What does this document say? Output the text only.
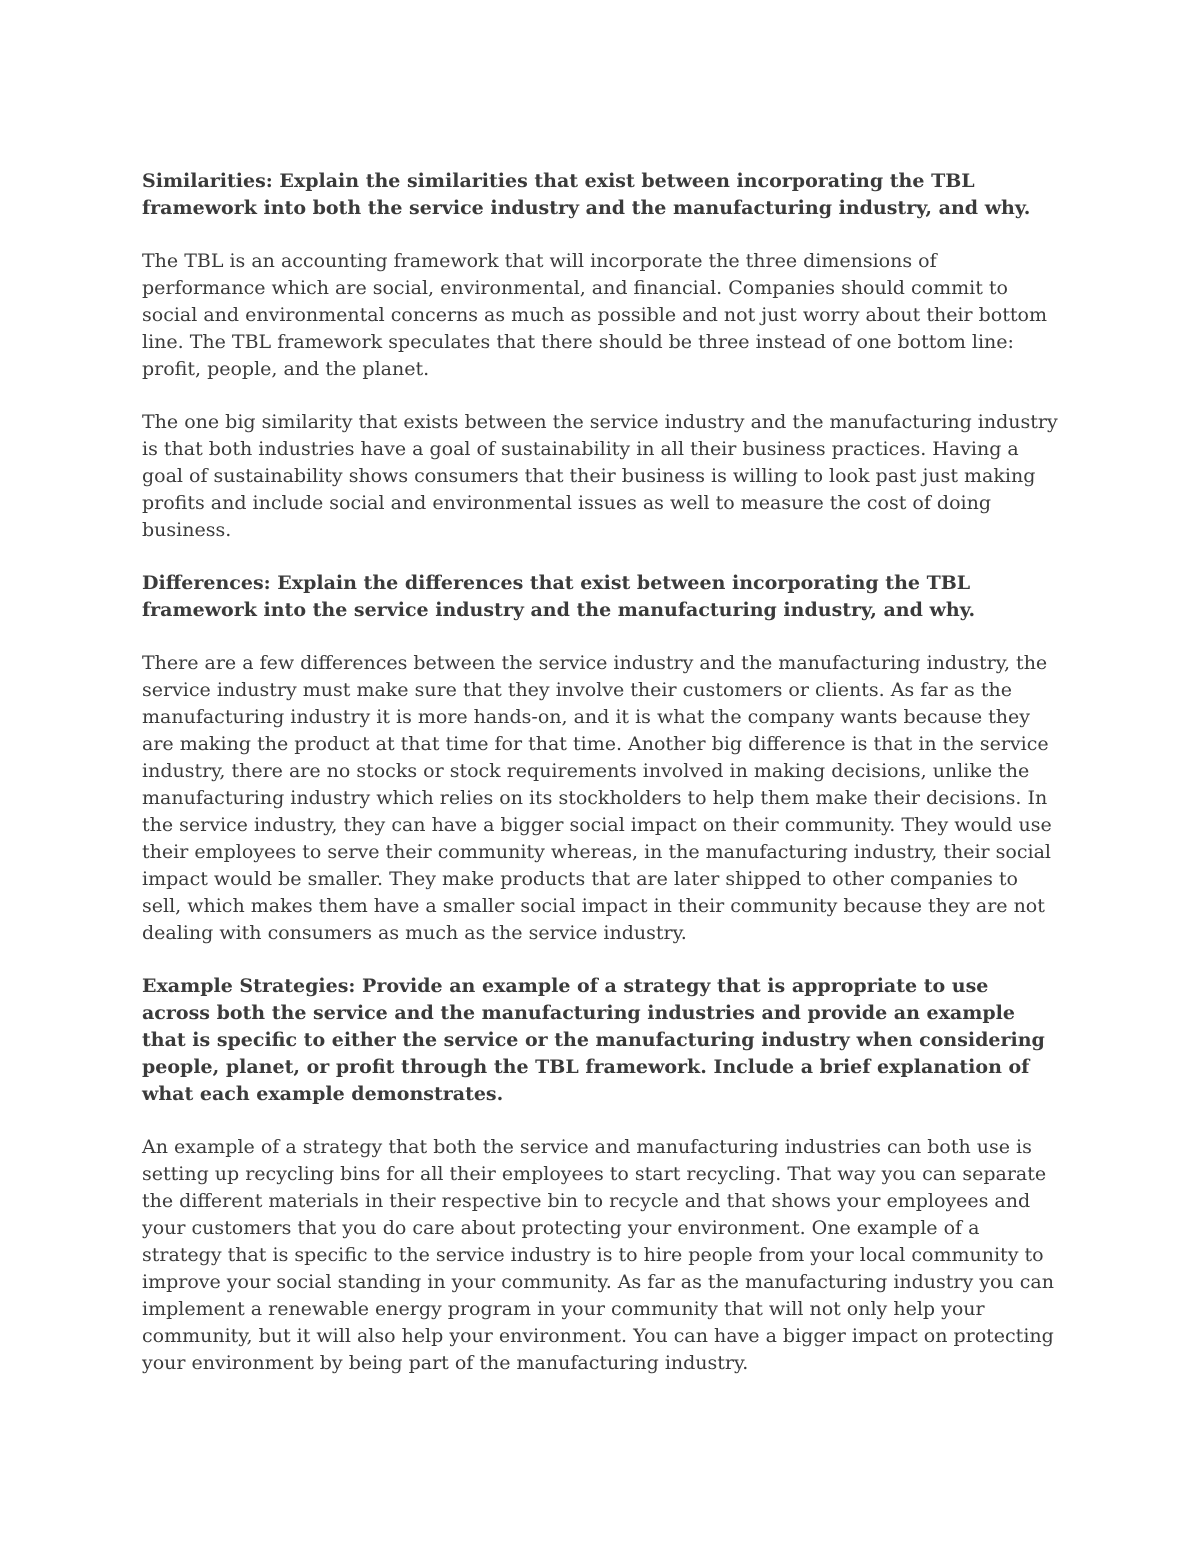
Similarities: Explain the similarities that exist between incorporating the TBL framework into both the service industry and the manufacturing industry, and why.

The TBL is an accounting framework that will incorporate the three dimensions of performance which are social, environmental, and financial. Companies should commit to social and environmental concerns as much as possible and not just worry about their bottom line. The TBL framework speculates that there should be three instead of one bottom line: profit, people, and the planet.

The one big similarity that exists between the service industry and the manufacturing industry is that both industries have a goal of sustainability in all their business practices. Having a goal of sustainability shows consumers that their business is willing to look past just making profits and include social and environmental issues as well to measure the cost of doing business.

Differences: Explain the differences that exist between incorporating the TBL framework into the service industry and the manufacturing industry, and why.

There are a few differences between the service industry and the manufacturing industry, the service industry must make sure that they involve their customers or clients. As far as the manufacturing industry it is more hands-on, and it is what the company wants because they are making the product at that time for that time. Another big difference is that in the service industry, there are no stocks or stock requirements involved in making decisions, unlike the manufacturing industry which relies on its stockholders to help them make their decisions. In the service industry, they can have a bigger social impact on their community. They would use their employees to serve their community whereas, in the manufacturing industry, their social impact would be smaller. They make products that are later shipped to other companies to sell, which makes them have a smaller social impact in their community because they are not dealing with consumers as much as the service industry.

Example Strategies: Provide an example of a strategy that is appropriate to use across both the service and the manufacturing industries and provide an example that is specific to either the service or the manufacturing industry when considering people, planet, or profit through the TBL framework. Include a brief explanation of what each example demonstrates.

An example of a strategy that both the service and manufacturing industries can both use is setting up recycling bins for all their employees to start recycling. That way you can separate the different materials in their respective bin to recycle and that shows your employees and your customers that you do care about protecting your environment. One example of a strategy that is specific to the service industry is to hire people from your local community to improve your social standing in your community. As far as the manufacturing industry you can implement a renewable energy program in your community that will not only help your community, but it will also help your environment. You can have a bigger impact on protecting your environment by being part of the manufacturing industry.
